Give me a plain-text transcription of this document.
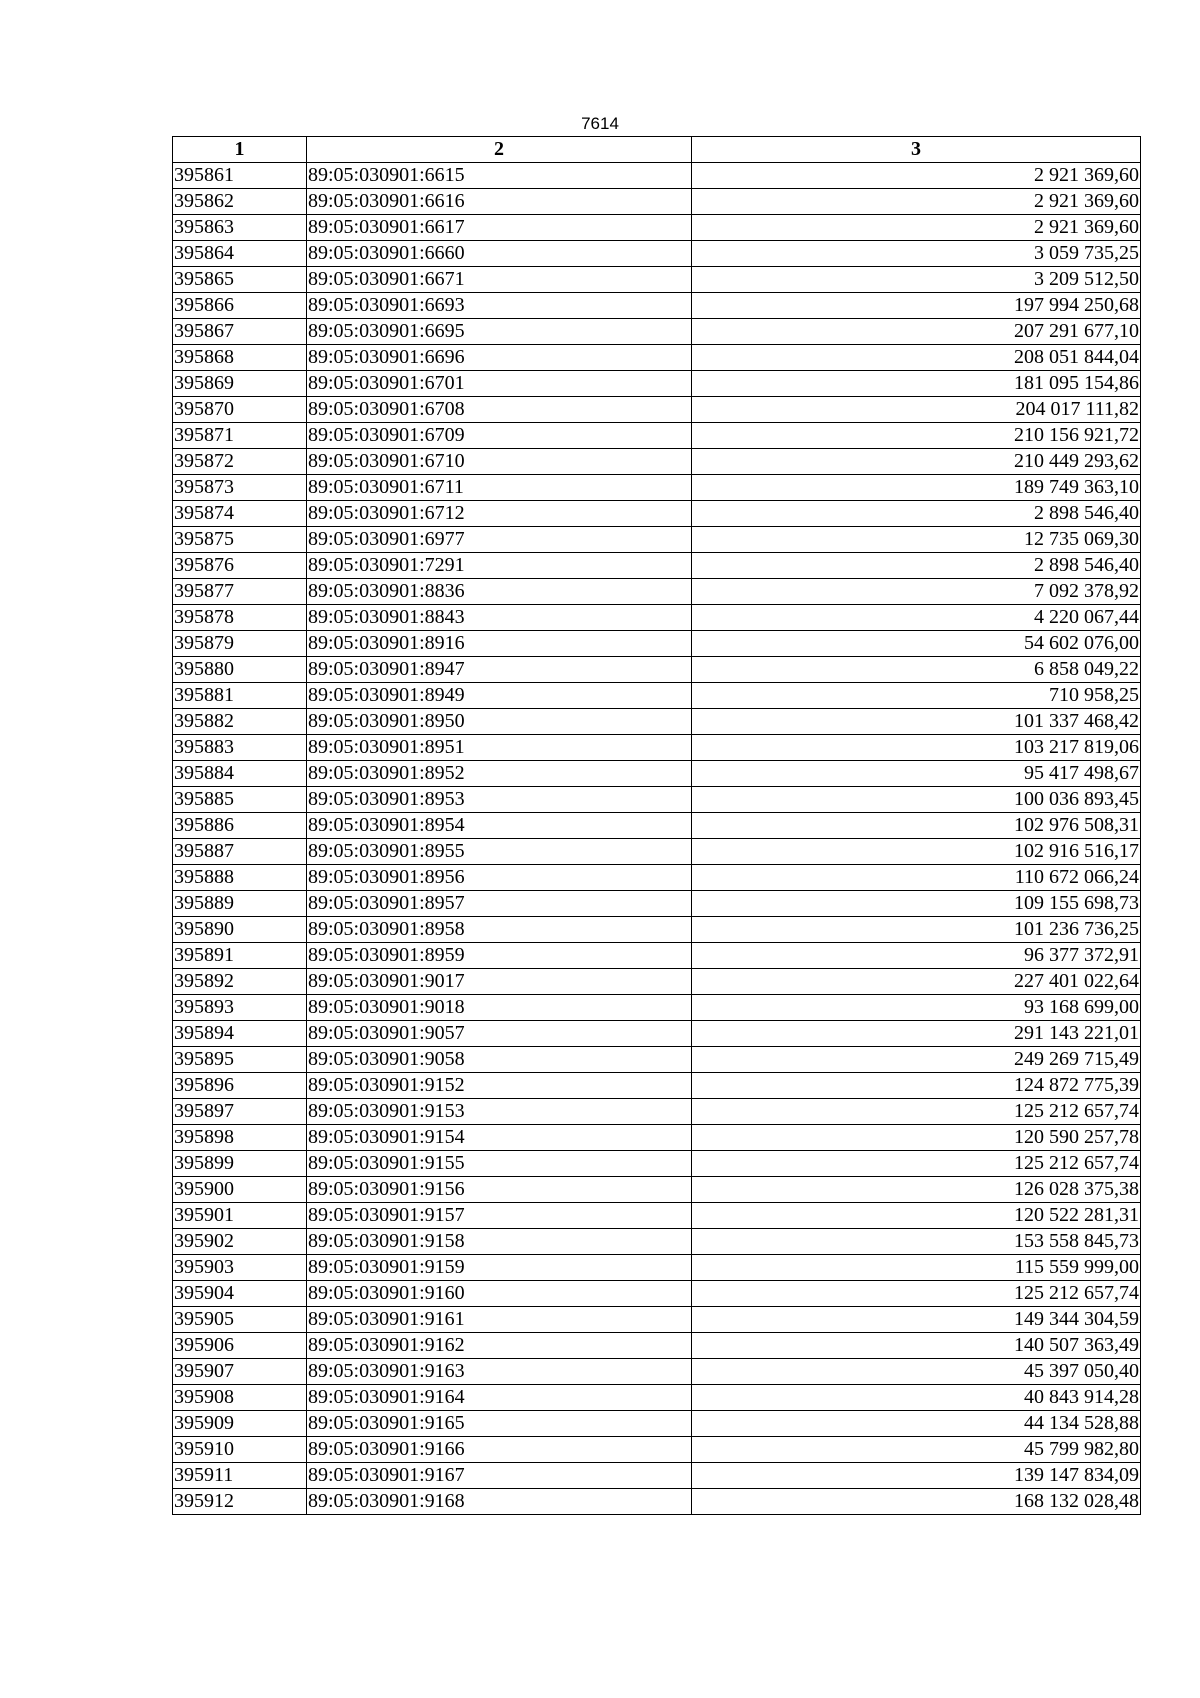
7614
1	2	3
395861	89:05:030901:6615	2 921 369,60
395862	89:05:030901:6616	2 921 369,60
395863	89:05:030901:6617	2 921 369,60
395864	89:05:030901:6660	3 059 735,25
395865	89:05:030901:6671	3 209 512,50
395866	89:05:030901:6693	197 994 250,68
395867	89:05:030901:6695	207 291 677,10
395868	89:05:030901:6696	208 051 844,04
395869	89:05:030901:6701	181 095 154,86
395870	89:05:030901:6708	204 017 111,82
395871	89:05:030901:6709	210 156 921,72
395872	89:05:030901:6710	210 449 293,62
395873	89:05:030901:6711	189 749 363,10
395874	89:05:030901:6712	2 898 546,40
395875	89:05:030901:6977	12 735 069,30
395876	89:05:030901:7291	2 898 546,40
395877	89:05:030901:8836	7 092 378,92
395878	89:05:030901:8843	4 220 067,44
395879	89:05:030901:8916	54 602 076,00
395880	89:05:030901:8947	6 858 049,22
395881	89:05:030901:8949	710 958,25
395882	89:05:030901:8950	101 337 468,42
395883	89:05:030901:8951	103 217 819,06
395884	89:05:030901:8952	95 417 498,67
395885	89:05:030901:8953	100 036 893,45
395886	89:05:030901:8954	102 976 508,31
395887	89:05:030901:8955	102 916 516,17
395888	89:05:030901:8956	110 672 066,24
395889	89:05:030901:8957	109 155 698,73
395890	89:05:030901:8958	101 236 736,25
395891	89:05:030901:8959	96 377 372,91
395892	89:05:030901:9017	227 401 022,64
395893	89:05:030901:9018	93 168 699,00
395894	89:05:030901:9057	291 143 221,01
395895	89:05:030901:9058	249 269 715,49
395896	89:05:030901:9152	124 872 775,39
395897	89:05:030901:9153	125 212 657,74
395898	89:05:030901:9154	120 590 257,78
395899	89:05:030901:9155	125 212 657,74
395900	89:05:030901:9156	126 028 375,38
395901	89:05:030901:9157	120 522 281,31
395902	89:05:030901:9158	153 558 845,73
395903	89:05:030901:9159	115 559 999,00
395904	89:05:030901:9160	125 212 657,74
395905	89:05:030901:9161	149 344 304,59
395906	89:05:030901:9162	140 507 363,49
395907	89:05:030901:9163	45 397 050,40
395908	89:05:030901:9164	40 843 914,28
395909	89:05:030901:9165	44 134 528,88
395910	89:05:030901:9166	45 799 982,80
395911	89:05:030901:9167	139 147 834,09
395912	89:05:030901:9168	168 132 028,48
